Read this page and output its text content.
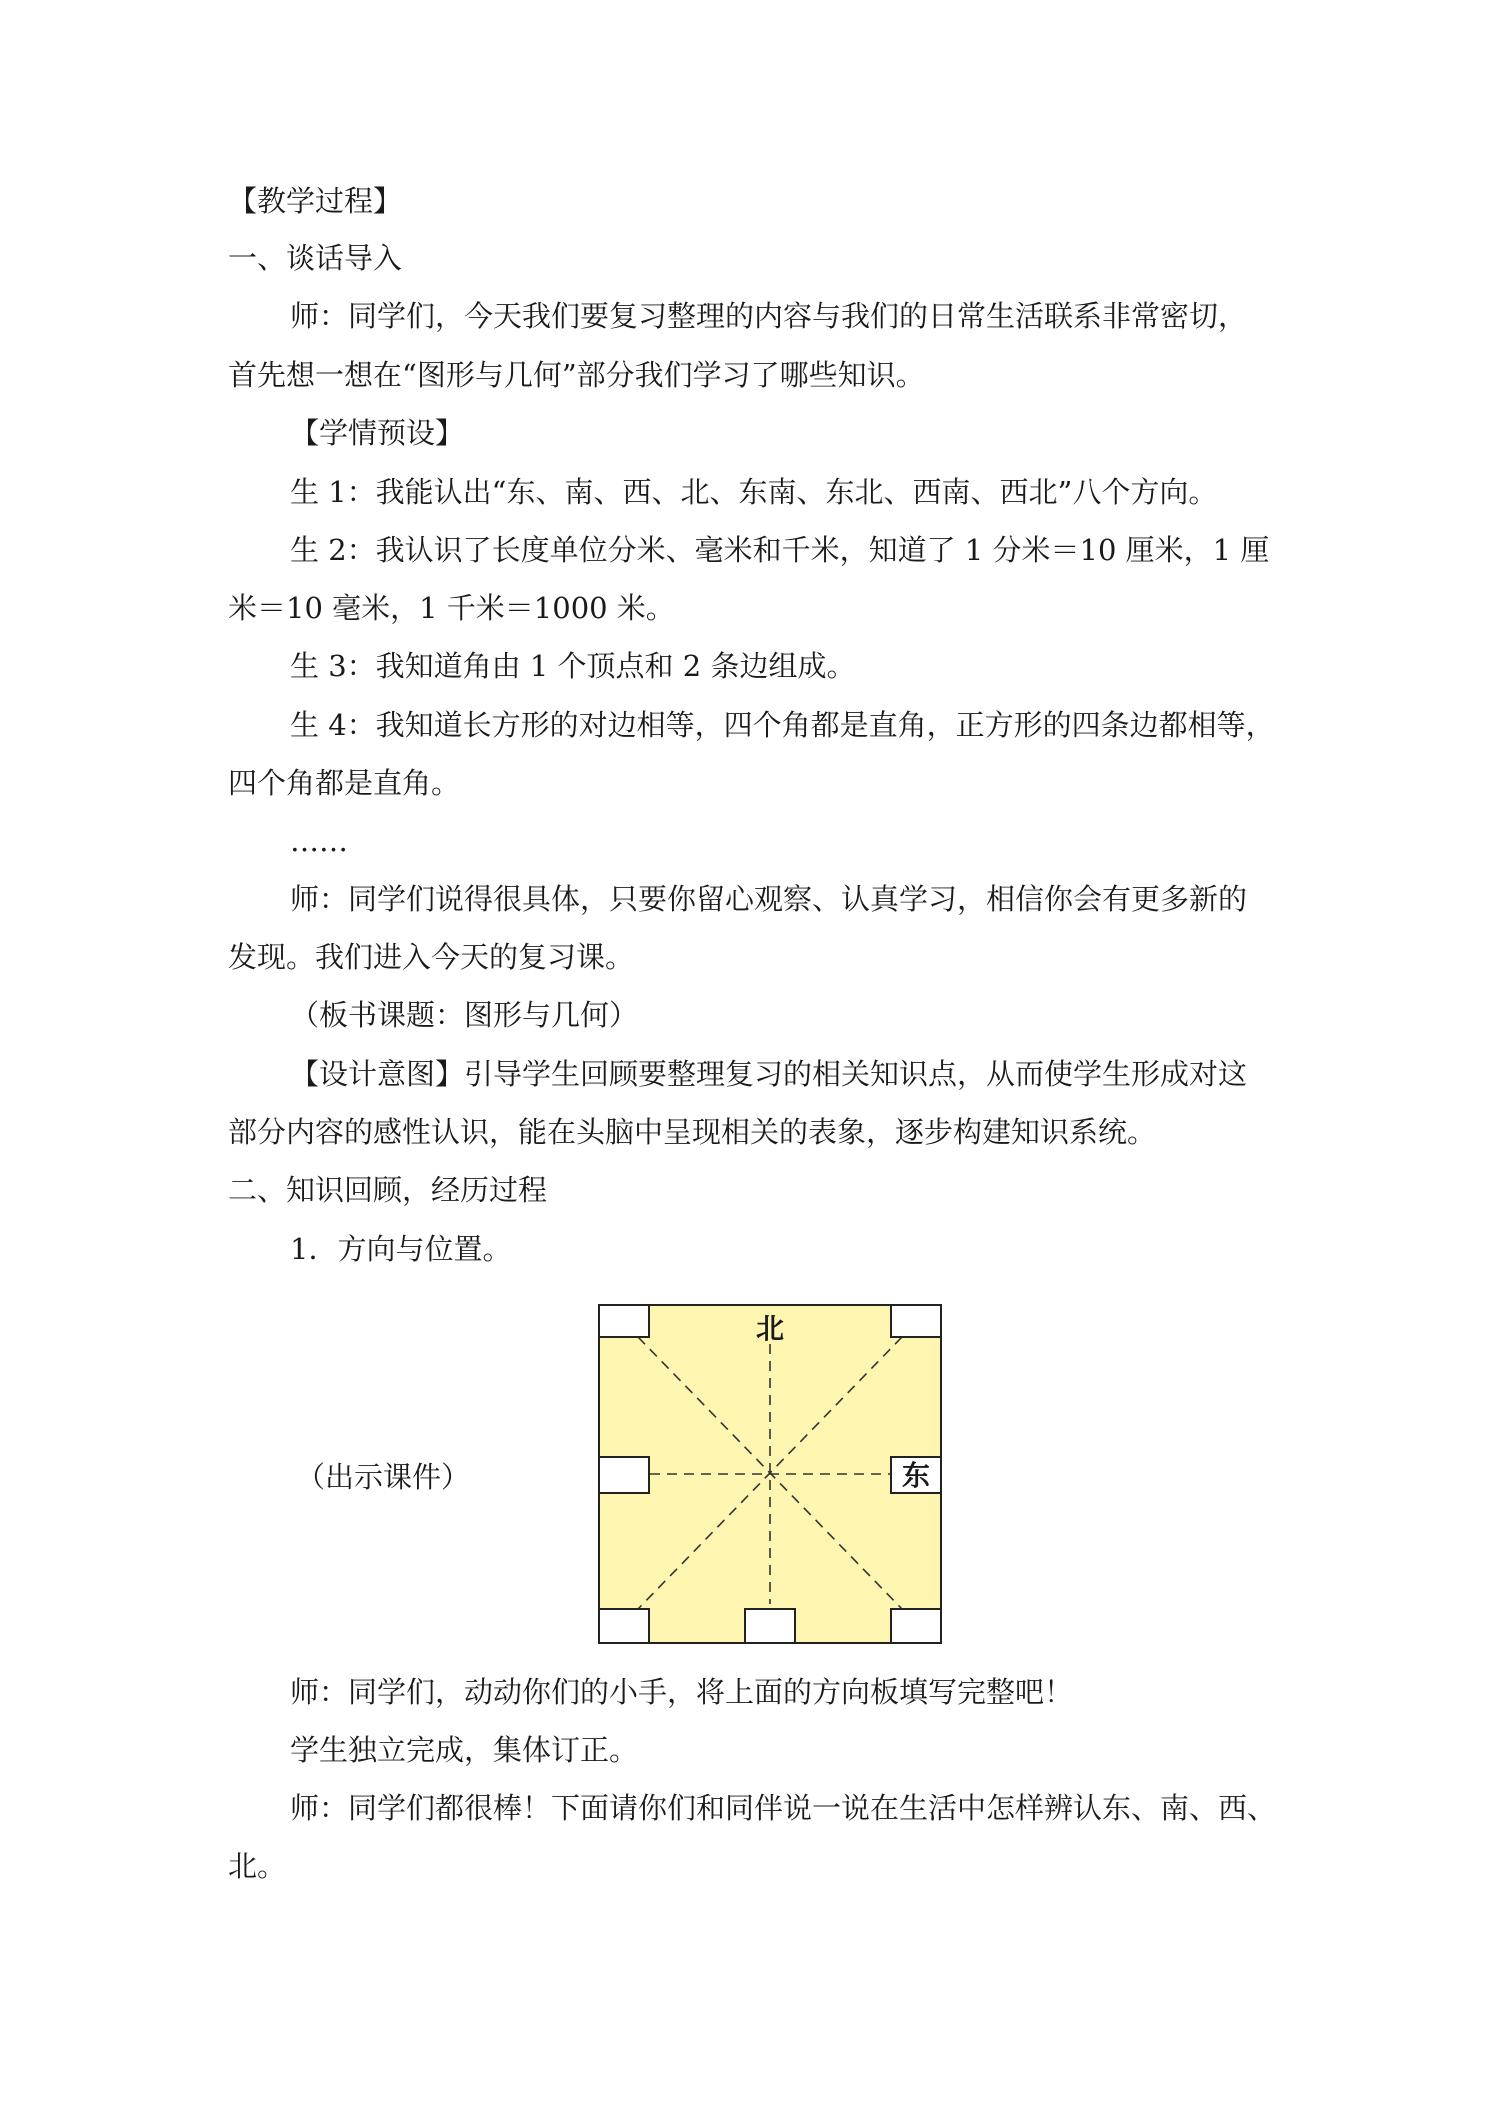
【教学过程】

一、谈话导入

师：同学们，今天我们要复习整理的内容与我们的日常生活联系非常密切，

首先想一想在“图形与几何”部分我们学习了哪些知识。

【学情预设】

生 1：我能认出“东、南、西、北、东南、东北、西南、西北”八个方向。

生 2：我认识了长度单位分米、毫米和千米，知道了 1 分米＝10 厘米，1 厘

米＝10 毫米，1 千米＝1000 米。

生 3：我知道角由 1 个顶点和 2 条边组成。

生 4：我知道长方形的对边相等，四个角都是直角，正方形的四条边都相等，

四个角都是直角。

……

师：同学们说得很具体，只要你留心观察、认真学习，相信你会有更多新的

发现。我们进入今天的复习课。

（板书课题：图形与几何）

【设计意图】引导学生回顾要整理复习的相关知识点，从而使学生形成对这

部分内容的感性认识，能在头脑中呈现相关的表象，逐步构建知识系统。

二、知识回顾，经历过程

1．方向与位置。

（出示课件）
北
东

师：同学们，动动你们的小手，将上面的方向板填写完整吧！

学生独立完成，集体订正。

师：同学们都很棒！下面请你们和同伴说一说在生活中怎样辨认东、南、西、

北。
